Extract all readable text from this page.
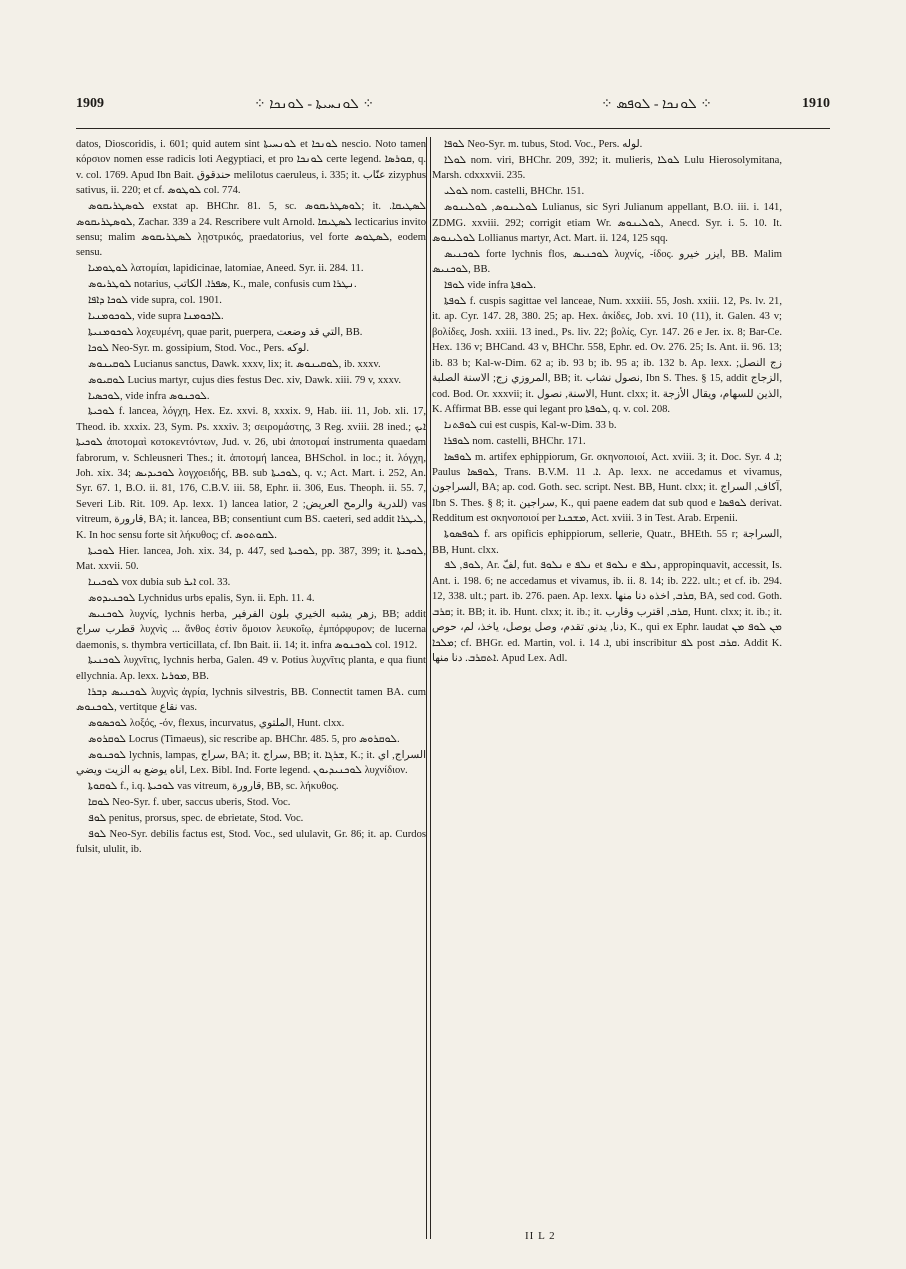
1909	⁘ ܠܘܢܚܝܬܐ - ܠܘܢܟܐ ⁘	⁘ ܠܘܢܟܐ - ܠܘܦܣ ⁘	1910

datos, Dioscoridis, i. 601; quid autem sint ܠܘܢܚܝܬܐ et ܠܘܢܟܐ nescio. Noto tamen κόρσιον nomen esse radicis loti Aegyptiaci, et pro ܠܘܢܟܐ certe legend. ܩܘܪܣܐ, q. v. col. 1769. Apud Ibn Bait. حندقوق melilotus caeruleus, i. 335; it. عنّاب zizyphus sativus, ii. 220; et cf. ܠܘܛܘܣ col. 774.

ܠܘܣܛܪܝܩܘܣ exstat ap. BHChr. 81. 5, sc. ܠܘܣܛܪܝܩܘܣ; it. ܠܣܛܝܩܐ. ܠܘܣܛܪܝܩܘܣ, Zachar. 339 a 24. Rescribere vult Arnold. ܠܣܛܝܩܐ lecticarius invito sensu; malim ܠܣܛܪܝܩܘܣ λῃστρικός, praedatorius, vel forte ܠܣܛܘܣ, eodem sensu.

ܠܘܛܘܡܝܐ λατομίαι, lapidicinae, latomiae, Aneed. Syr. ii. 284. 11.

ܠܘܛܪܝܘܣ notarius, ܣܦܪܐ. الكاتب, K., male, confusis cum ܢܛܪܐ.

ܠܘܟܐ ܕܐܦܐ vide supra, col. 1901.

ܠܘܟܘܡܢܝܐ, vide supra ܠܐܟܘܡܢܐ.

ܠܘܟܘܡܢܝܬܐ λοχευμένη, quae parit, puerpera, التي قد وضعت, BB.

ܠܘܟܐ Neo-Syr. m. gossipium, Stod. Voc., Pers. لوكه.

ܠܘܩܝܢܘܣ Lucianus sanctus, Dawk. xxxv, lix; it. ܠܘܩܝܢܘܣ, ib. xxxv.

ܠܘܩܝܘܣ Lucius martyr, cujus dies festus Dec. xiv, Dawk. xiii. 79 v, xxxv.

ܠܘܟܣܝܐ, vide infra ܠܘܟܢܘܣ.

ܠܘܟܝܬܐ f. lancea, λόγχη, Hex. Ez. xxvi. 8, xxxix. 9, Hab. iii. 11, Job. xli. 17, Theod. ib. xxxix. 23, Sym. Ps. xxxiv. 3; σειρομάστης, 3 Reg. xviii. 28 ined.; ܐܝܟ ܠܘܟܝܬܐ ἀποτομαὶ κοτοκεντόντων, Jud. v. 26, ubi ἀποτομαί instrumenta quaedam fabrorum, v. Schleusneri Thes.; it. ἀποτομή lancea, BHSchol. in loc.; it. λόγχη, Joh. xix. 34; ܠܘܟܝܕܝܣ λογχοειδής, BB. sub ܠܘܟܝܬܐ, q. v.; Act. Mart. i. 252, An. Syr. 67. 1, B.O. ii. 81, 176, C.B.V. iii. 58, Ephr. ii. 306, Eus. Theoph. ii. 55. 7, Severi Lib. Rit. 109. Ap. lexx. 1) lancea latior, للدرية والرمح العريض; 2) vas vitreum, قارورة, BA; it. lancea, BB; consentiunt cum BS. caeteri, sed addit ܠܝܛܪܐ, K. In hoc sensu forte sit λήκυθος; cf. ܠܩܘܬܘܣ.

ܠܘܟܝܬܐ Hier. lancea, Joh. xix. 34, p. 447, sed ܠܘܟܝܬܐ, pp. 387, 399; it. ܠܘܟܝܬܐ, Mat. xxvii. 50.

ܠܘܟܝܢܐ vox dubia sub ܐܝܪ col. 33.

ܠܘܟܢܝܕܘܣ Lychnidus urbs epalis, Syn. ii. Eph. 11. 4.

ܠܘܟܢܝܣ λυχνίς, lychnis herba, زهر يشبه الخيري بلون الفرفير, BB; addit قطرب سراج λυχνὶς ... ἄνθος ἐστὶν ὅμοιον λευκοΐῳ, ἐμπόρφυρον; de lucerna daemonis, s. thymbra verticillata, cf. Ibn Bait. ii. 14; it. infra ܠܘܟܢܘܣ col. 1912.

ܠܘܟܢܝܬܐ λυχνῖτις, lychnis herba, Galen. 49 v. Potius λυχνῖτις planta, e qua fiunt ellychnia. Ap. lexx. ܡܘܪܝܐ, BB.

ܠܘܟܢܝܣ ܕܒܪܐ λυχνὶς ἀγρία, lychnis silvestris, BB. Connectit tamen BA. cum ܠܘܟܢܘܣ, vertitque نقاع vas.

ܠܘܟܣܘܣ λοξός, -όν, flexus, incurvatus, الملتوي, Hunt. clxx.

ܠܘܩܪܘܣ Locrus (Timaeus), sic rescribe ap. BHChr. 485. 5, pro ܠܘܩܪܘܣ.

ܠܘܟܢܘܣ lychnis, lampas, سراج, BA; it. سراج, BB; it. ܫܪܓܐ, K.; it. السراج, اي اناه يوضع به الزيت ويضي, Lex. Bibl. Ind. Forte legend. ܠܘܟܢܝܕܝܘܢ λυχνίδιον.

ܠܘܩܘܬܐ f., i.q. ܠܘܟܝܬܐ vas vitreum, قارورة, BB, sc. λήκυθος.

ܠܘܩܐ Neo-Syr. f. uber, saccus uberis, Stod. Voc.

ܠܘܦ penitus, prorsus, spec. de ebrietate, Stod. Voc.

ܠܘܦ Neo-Syr. debilis factus est, Stod. Voc., sed ululavit, Gr. 86; it. ap. Curdos fulsit, ululit, ib.

ܠܘܦܐ Neo-Syr. m. tubus, Stod. Voc., Pers. لوله.

ܠܘܠܐ nom. viri, BHChr. 209, 392; it. mulieris, ܠܘܠܐ Lulu Hierosolymitana, Marsh. cdxxxvii. 235.

ܠܘܠܝ nom. castelli, BHChr. 151.

ܠܘܠܝܢܘܣ, ܠܘܠܝܢܘܣ Lulianus, sic Syri Julianum appellant, B.O. iii. i. 141, ZDMG. xxviii. 292; corrigit etiam Wr. ܠܘܠܝܢܘܣ, Anecd. Syr. i. 5. 10. It. ܠܘܠܝܢܘܣ Lollianus martyr, Act. Mart. ii. 124, 125 sqq.

ܠܘܟܢܝܣ forte lychnis flos, ܠܘܟܢܝܣ λυχνίς, -ίδος. ایزر خیرو, BB. Malim ܠܘܟܢܝܣ, BB.

ܠܘܦܐ vide infra ܠܘܦܬܐ.

ܠܘܦܬܐ f. cuspis sagittae vel lanceae, Num. xxxiii. 55, Josh. xxiii. 12, Ps. lv. 21, it. ap. Cyr. 147. 28, 380. 25; ap. Hex. ἀκίδες, Job. xvi. 10 (11), it. Galen. 43 v; βολίδες, Josh. xxiii. 13 ined., Ps. liv. 22; βολίς, Cyr. 147. 26 e Jer. ix. 8; Bar-Ce. Hex. 136 v; BHCand. 43 v, BHChr. 558, Ephr. ed. Ov. 276. 25; Is. Ant. ii. 96. 13; ib. 83 b; Kal-w-Dim. 62 a; ib. 93 b; ib. 95 a; ib. 132 b. Ap. lexx. زج النصل; المروزي زج; الاسنة الصلبة, BB; it. نصول نشاب, Ibn S. Thes. § 15, addit الزجاج, cod. Bod. Or. xxxvii; it. الاسنة, نصول, Hunt. clxx; it. الذين للسهام، ويقال الأزجة, K. Affirmat BB. esse qui legant pro ܠܘܦܬܐ, q. v. col. 208.

ܠܘܦܬܢܐ cui est cuspis, Kal-w-Dim. 33 b.

ܠܘܦܪܐ nom. castelli, BHChr. 171.

ܠܘܦܣܐ m. artifex ephippiorum, Gr. σκηνοποιοί, Act. xviii. 3; it. Doc. Syr. ܐ. 4; Paulus ܠܘܦܣܐ, Trans. B.V.M. ܐ. 11. Ap. lexx. ne accedamus et vivamus, السراجون, BA; ap. cod. Goth. sec. script. Nest. BB, Hunt. clxx; it. آكاف, السراج, Ibn S. Thes. § 8; it. سراجين, K., qui paene eadem dat sub quod e ܠܘܦܣܐ derivat. Redditum est σκηνοποιοί per ܡܫܟܢܐ, Act. xviii. 3 in Test. Arab. Erpenii.

ܠܘܦܣܘܬܐ f. ars opificis ephippiorum, sellerie, Quatr., BHEth. 55 r; السراجة, BB, Hunt. clxx.

ܠܘܦ, ܠܦ, Ar. لفّ, fut. ܢܠܘܦ e ܢܠܦ et ܢܠܘܦ e ܢܠܦ, appropinquavit, accessit, Is. Ant. i. 198. 6; ne accedamus et vivamus, ib. ii. 8. 14; ib. 222. ult.; et cf. ib. 294. 12, 338. ult.; part. ib. 276. paen. Ap. lexx. ܩܪܒ, اخذه دنا منها, BA, sed cod. Goth. ܩܪܒ; it. BB; it. ib. Hunt. clxx; it. ib.; it. ܩܪܒ, اقترب وقارب, Hunt. clxx; it. ib.; it. دنا, يدنو, تقدم، وصل يوصل، ياخذ، لم، حوص, K., qui ex Ephr. laudat ܡܢ ܠܘܦ ܡܢ ܡܠܟܐ; cf. BHGr. ed. Martin, vol. i. ܐ. 14, ubi inscribitur ܠܦ post ܩܪܒ. Addit K. ܐܬܩܪܒ. دنا منها. Apud Lex. Adl.

II L 2
